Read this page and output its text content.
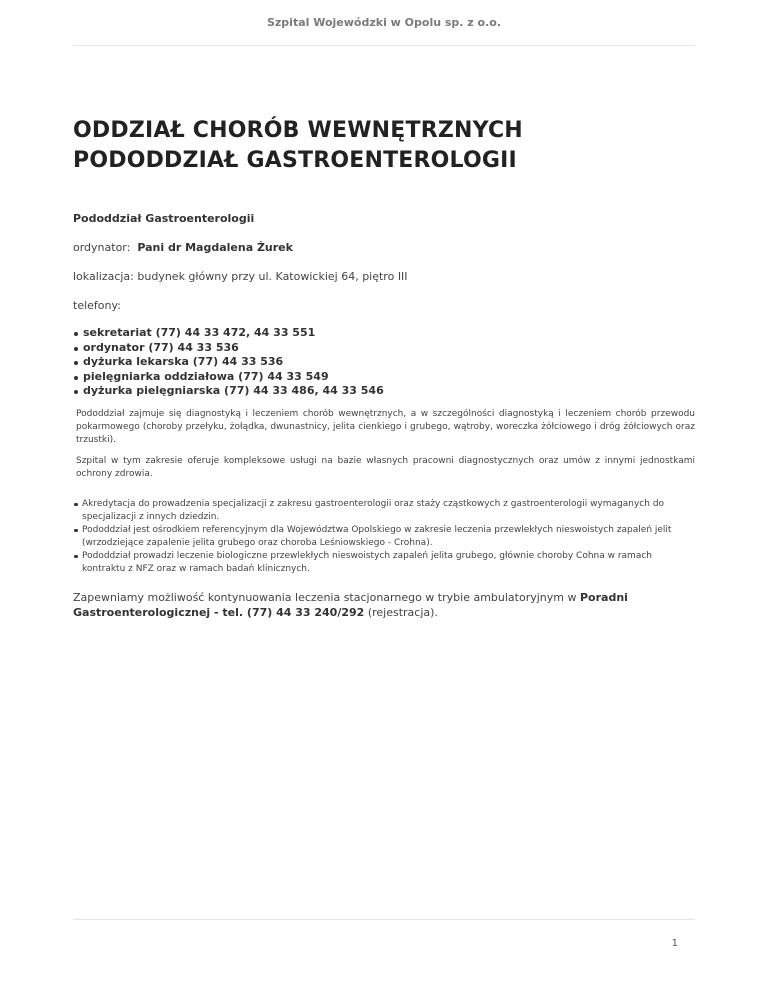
Szpital Wojewódzki w Opolu sp. z o.o.
ODDZIAŁ CHORÓB WEWNĘTRZNYCH PODODDZIAŁ GASTROENTEROLOGII
Pododdział Gastroenterologii
ordynator: Pani dr Magdalena Żurek
lokalizacja: budynek główny przy ul. Katowickiej 64, piętro III
telefony:
sekretariat (77) 44 33 472, 44 33 551
ordynator (77) 44 33 536
dyżurka lekarska (77) 44 33 536
pielęgniarka oddziałowa (77) 44 33 549
dyżurka pielęgniarska (77) 44 33 486, 44 33 546

Pododdział zajmuje się diagnostyką i leczeniem chorób wewnętrznych, a w szczególności diagnostyką i leczeniem chorób przewodu pokarmowego (choroby przełyku, żołądka, dwunastnicy, jelita cienkiego i grubego, wątroby, woreczka żółciowego i dróg żółciowych oraz trzustki).

Szpital w tym zakresie oferuje kompleksowe usługi na bazie własnych pracowni diagnostycznych oraz umów z innymi jednostkami ochrony zdrowia.

Akredytacja do prowadzenia specjalizacji z zakresu gastroenterologii oraz staży cząstkowych z gastroenterologii wymaganych do specjalizacji z innych dziedzin.
Pododdział jest ośrodkiem referencyjnym dla Województwa Opolskiego w zakresie leczenia przewlekłych nieswoistych zapaleń jelit (wrzodziejące zapalenie jelita grubego oraz choroba Leśniowskiego - Crohna).
Pododdział prowadzi leczenie biologiczne przewlekłych nieswoistych zapaleń jelita grubego, głównie choroby Cohna w ramach kontraktu z NFZ oraz w ramach badań klinicznych.

Zapewniamy możliwość kontynuowania leczenia stacjonarnego w trybie ambulatoryjnym w Poradni Gastroenterologicznej - tel. (77) 44 33 240/292 (rejestracja).

1
